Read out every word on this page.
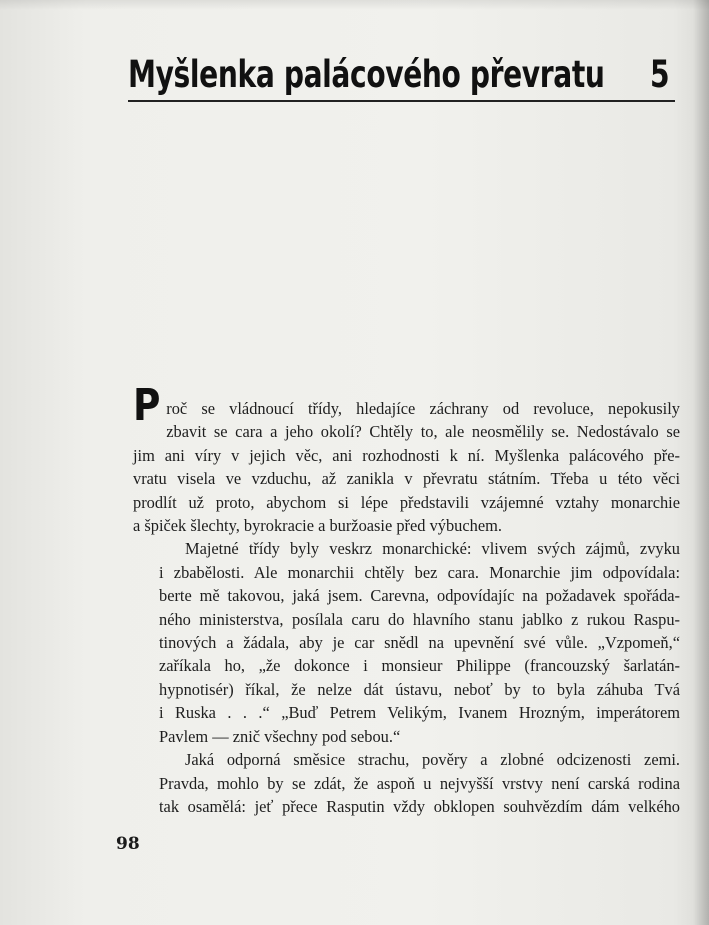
Myšlenka palácového převratu 5

P roč se vládnoucí třídy, hledajíce záchrany od revoluce, nepokusily
zbavit se cara a jeho okolí? Chtěly to, ale neosmělily se. Nedostávalo se
jim ani víry v jejich věc, ani rozhodnosti k ní. Myšlenka palácového pře-
vratu visela ve vzduchu, až zanikla v převratu státním. Třeba u této věci
prodlít už proto, abychom si lépe představili vzájemné vztahy monarchie
a špiček šlechty, byrokracie a buržoasie před výbuchem.

Majetné třídy byly veskrz monarchické: vlivem svých zájmů, zvyku
i zbabělosti. Ale monarchii chtěly bez cara. Monarchie jim odpovídala:
berte mě takovou, jaká jsem. Carevna, odpovídajíc na požadavek spořáda-
ného ministerstva, posílala caru do hlavního stanu jablko z rukou Raspu-
tinových a žádala, aby je car snědl na upevnění své vůle. „Vzpomeň,“
zaříkala ho, „že dokonce i monsieur Philippe (francouzský šarlatán-
hypnotisér) říkal, že nelze dát ústavu, neboť by to byla záhuba Tvá
i Ruska . . .“ „Buď Petrem Velikým, Ivanem Hrozným, imperátorem
Pavlem — znič všechny pod sebou.“

Jaká odporná směsice strachu, pověry a zlobné odcizenosti zemi.
Pravda, mohlo by se zdát, že aspoň u nejvyšší vrstvy není carská rodina
tak osamělá: jeť přece Rasputin vždy obklopen souhvězdím dám velkého

98
